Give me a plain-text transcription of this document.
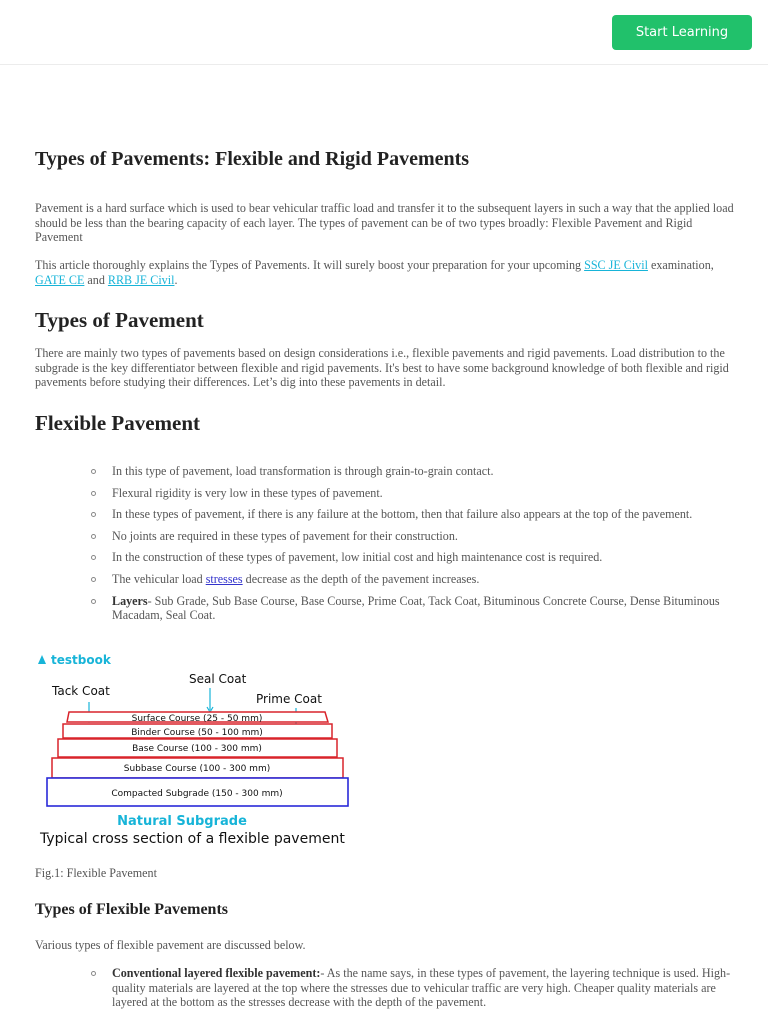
Start Learning
Types of Pavements: Flexible and Rigid Pavements

Pavement is a hard surface which is used to bear vehicular traffic load and transfer it to the subsequent layers in such a way that the applied load should be less than the bearing capacity of each layer. The types of pavement can be of two types broadly: Flexible Pavement and Rigid Pavement

This article thoroughly explains the Types of Pavements. It will surely boost your preparation for your upcoming SSC JE Civil examination, GATE CE and RRB JE Civil.

Types of Pavement

There are mainly two types of pavements based on design considerations i.e., flexible pavements and rigid pavements. Load distribution to the subgrade is the key differentiator between flexible and rigid pavements. It's best to have some background knowledge of both flexible and rigid pavements before studying their differences. Let’s dig into these pavements in detail.

Flexible Pavement
In this type of pavement, load transformation is through grain-to-grain contact.
Flexural rigidity is very low in these types of pavement.
In these types of pavement, if there is any failure at the bottom, then that failure also appears at the top of the pavement.
No joints are required in these types of pavement for their construction.
In the construction of these types of pavement, low initial cost and high maintenance cost is required.
The vehicular load stresses decrease as the depth of the pavement increases.
Layers- Sub Grade, Sub Base Course, Base Course, Prime Coat, Tack Coat, Bituminous Concrete Course, Dense Bituminous Macadam, Seal Coat.
testbook
Tack Coat
Seal Coat
Prime Coat
Surface Course (25 - 50 mm)
Binder Course (50 - 100 mm)
Base Course (100 - 300 mm)
Subbase Course (100 - 300 mm)
Compacted Subgrade (150 - 300 mm)
Natural Subgrade
Typical cross section of a flexible pavement
Fig.1: Flexible Pavement
Types of Flexible Pavements

Various types of flexible pavement are discussed below.

Conventional layered flexible pavement:- As the name says, in these types of pavement, the layering technique is used. High-quality materials are layered at the top where the stresses due to vehicular traffic are very high. Cheaper quality materials are layered at the bottom as the stresses decrease with the depth of the pavement.
